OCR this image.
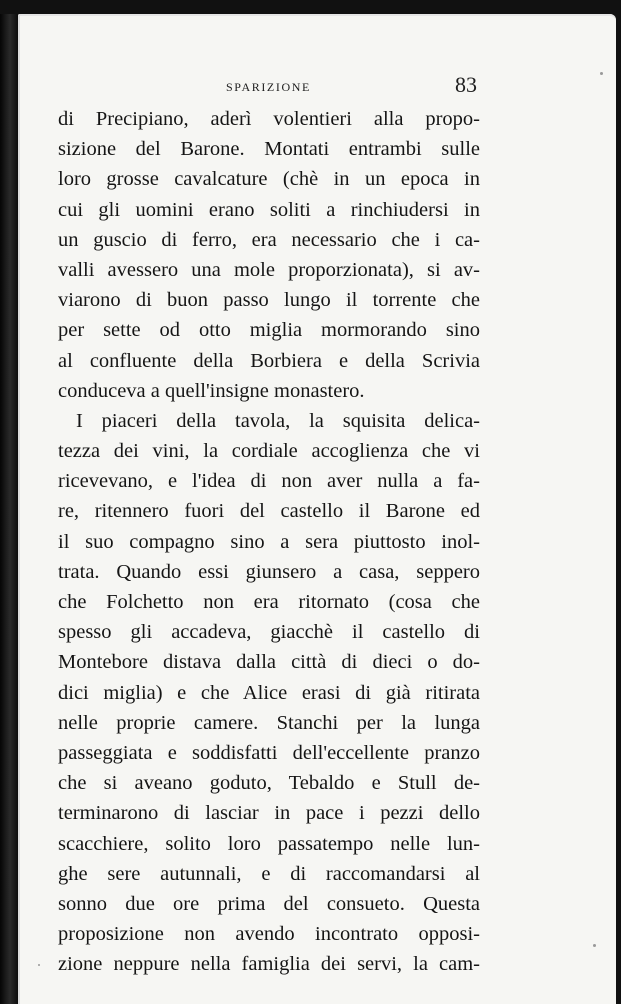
SPARIZIONE	83
di Precipiano, aderì volentieri alla propo-
sizione del Barone. Montati entrambi sulle
loro grosse cavalcature (chè in un epoca in
cui gli uomini erano soliti a rinchiudersi in
un guscio di ferro, era necessario che i ca-
valli avessero una mole proporzionata), si av-
viarono di buon passo lungo il torrente che
per sette od otto miglia mormorando sino
al confluente della Borbiera e della Scrivia
conduceva a quell'insigne monastero.
I piaceri della tavola, la squisita delica-
tezza dei vini, la cordiale accoglienza che vi
ricevevano, e l'idea di non aver nulla a fa-
re, ritennero fuori del castello il Barone ed
il suo compagno sino a sera piuttosto inol-
trata. Quando essi giunsero a casa, seppero
che Folchetto non era ritornato (cosa che
spesso gli accadeva, giacchè il castello di
Montebore distava dalla città di dieci o do-
dici miglia) e che Alice erasi di già ritirata
nelle proprie camere. Stanchi per la lunga
passeggiata e soddisfatti dell'eccellente pranzo
che si aveano goduto, Tebaldo e Stull de-
terminarono di lasciar in pace i pezzi dello
scacchiere, solito loro passatempo nelle lun-
ghe sere autunnali, e di raccomandarsi al
sonno due ore prima del consueto. Questa
proposizione non avendo incontrato opposi-
zione neppure nella famiglia dei servi, la cam-
